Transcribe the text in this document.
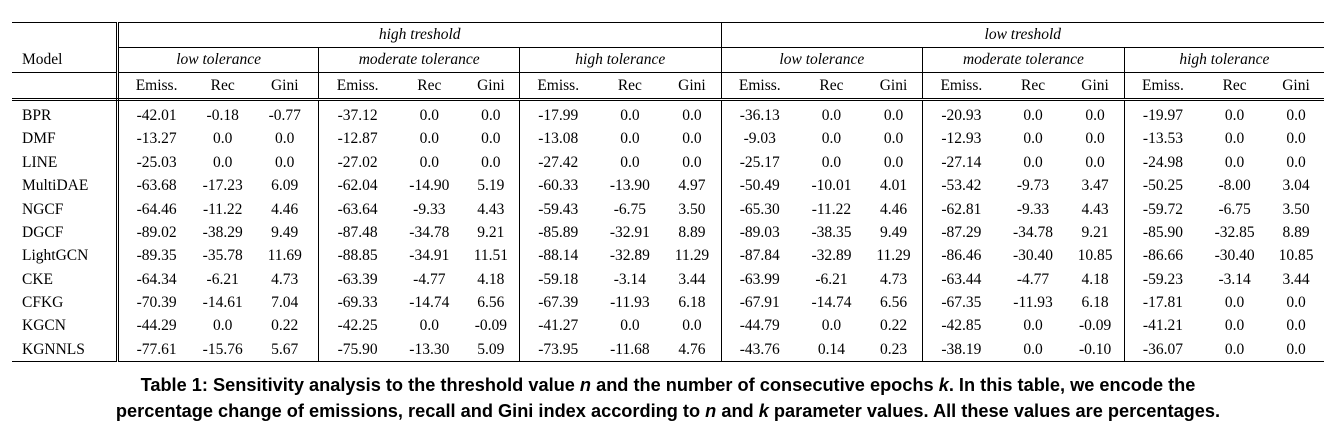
	high treshold									low treshold								
Model	low tolerance			moderate tolerance			high tolerance			low tolerance			moderate tolerance			high tolerance		
	Emiss.	Rec	Gini	Emiss.	Rec	Gini	Emiss.	Rec	Gini	Emiss.	Rec	Gini	Emiss.	Rec	Gini	Emiss.	Rec	Gini
BPR	-42.01	-0.18	-0.77	-37.12	0.0	0.0	-17.99	0.0	0.0	-36.13	0.0	0.0	-20.93	0.0	0.0	-19.97	0.0	0.0
DMF	-13.27	0.0	0.0	-12.87	0.0	0.0	-13.08	0.0	0.0	-9.03	0.0	0.0	-12.93	0.0	0.0	-13.53	0.0	0.0
LINE	-25.03	0.0	0.0	-27.02	0.0	0.0	-27.42	0.0	0.0	-25.17	0.0	0.0	-27.14	0.0	0.0	-24.98	0.0	0.0
MultiDAE	-63.68	-17.23	6.09	-62.04	-14.90	5.19	-60.33	-13.90	4.97	-50.49	-10.01	4.01	-53.42	-9.73	3.47	-50.25	-8.00	3.04
NGCF	-64.46	-11.22	4.46	-63.64	-9.33	4.43	-59.43	-6.75	3.50	-65.30	-11.22	4.46	-62.81	-9.33	4.43	-59.72	-6.75	3.50
DGCF	-89.02	-38.29	9.49	-87.48	-34.78	9.21	-85.89	-32.91	8.89	-89.03	-38.35	9.49	-87.29	-34.78	9.21	-85.90	-32.85	8.89
LightGCN	-89.35	-35.78	11.69	-88.85	-34.91	11.51	-88.14	-32.89	11.29	-87.84	-32.89	11.29	-86.46	-30.40	10.85	-86.66	-30.40	10.85
CKE	-64.34	-6.21	4.73	-63.39	-4.77	4.18	-59.18	-3.14	3.44	-63.99	-6.21	4.73	-63.44	-4.77	4.18	-59.23	-3.14	3.44
CFKG	-70.39	-14.61	7.04	-69.33	-14.74	6.56	-67.39	-11.93	6.18	-67.91	-14.74	6.56	-67.35	-11.93	6.18	-17.81	0.0	0.0
KGCN	-44.29	0.0	0.22	-42.25	0.0	-0.09	-41.27	0.0	0.0	-44.79	0.0	0.22	-42.85	0.0	-0.09	-41.21	0.0	0.0
KGNNLS	-77.61	-15.76	5.67	-75.90	-13.30	5.09	-73.95	-11.68	4.76	-43.76	0.14	0.23	-38.19	0.0	-0.10	-36.07	0.0	0.0
Table 1: Sensitivity analysis to the threshold value n and the number of consecutive epochs k. In this table, we encode the
percentage change of emissions, recall and Gini index according to n and k parameter values. All these values are percentages.
